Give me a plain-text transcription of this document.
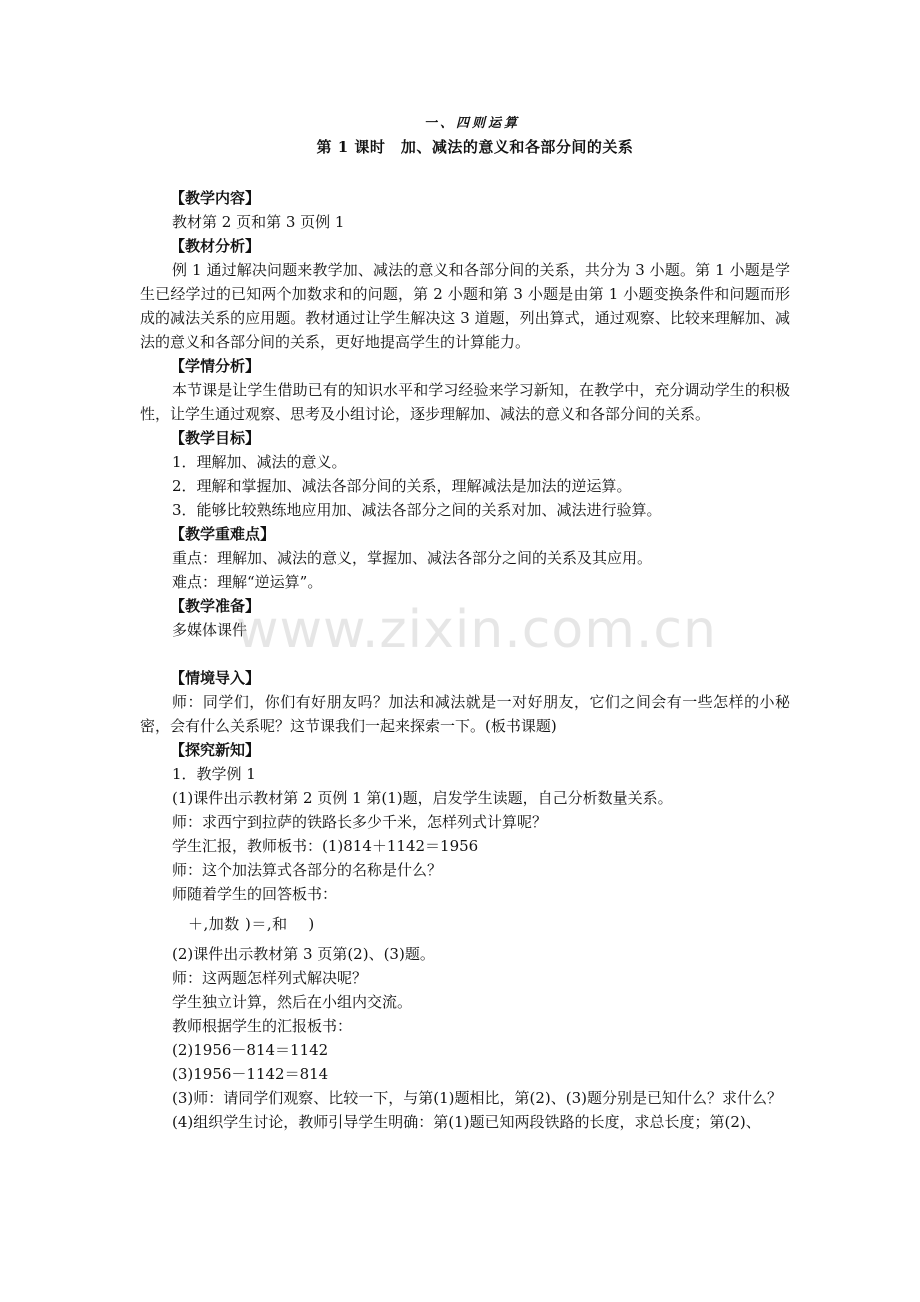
一、四则运算
第 1 课时　加、减法的意义和各部分间的关系
【教学内容】
教材第 2 页和第 3 页例 1
【教材分析】
例 1 通过解决问题来教学加、减法的意义和各部分间的关系，共分为 3 小题。第 1 小题是学生已经学过的已知两个加数求和的问题，第 2 小题和第 3 小题是由第 1 小题变换条件和问题而形成的减法关系的应用题。教材通过让学生解决这 3 道题，列出算式，通过观察、比较来理解加、减法的意义和各部分间的关系，更好地提高学生的计算能力。
【学情分析】
本节课是让学生借助已有的知识水平和学习经验来学习新知，在教学中，充分调动学生的积极性，让学生通过观察、思考及小组讨论，逐步理解加、减法的意义和各部分间的关系。
【教学目标】
1．理解加、减法的意义。
2．理解和掌握加、减法各部分间的关系，理解减法是加法的逆运算。
3．能够比较熟练地应用加、减法各部分之间的关系对加、减法进行验算。
【教学重难点】
重点：理解加、减法的意义，掌握加、减法各部分之间的关系及其应用。
难点：理解“逆运算”。
【教学准备】
多媒体课件
【情境导入】
师：同学们，你们有好朋友吗？加法和减法就是一对好朋友，它们之间会有一些怎样的小秘密，会有什么关系呢？这节课我们一起来探索一下。(板书课题)
【探究新知】
1．教学例 1
(1)课件出示教材第 2 页例 1 第(1)题，启发学生读题，自己分析数量关系。
师：求西宁到拉萨的铁路长多少千米，怎样列式计算呢？
学生汇报，教师板书：(1)814＋1142＝1956
师：这个加法算式各部分的名称是什么？
师随着学生的回答板书：
＋,加数 )＝,和　 )
(2)课件出示教材第 3 页第(2)、(3)题。
师：这两题怎样列式解决呢？
学生独立计算，然后在小组内交流。
教师根据学生的汇报板书：
(2)1956－814＝1142
(3)1956－1142＝814
(3)师：请同学们观察、比较一下，与第(1)题相比，第(2)、(3)题分别是已知什么？求什么？
(4)组织学生讨论，教师引导学生明确：第(1)题已知两段铁路的长度，求总长度；第(2)、
www.zixin.com.cn
